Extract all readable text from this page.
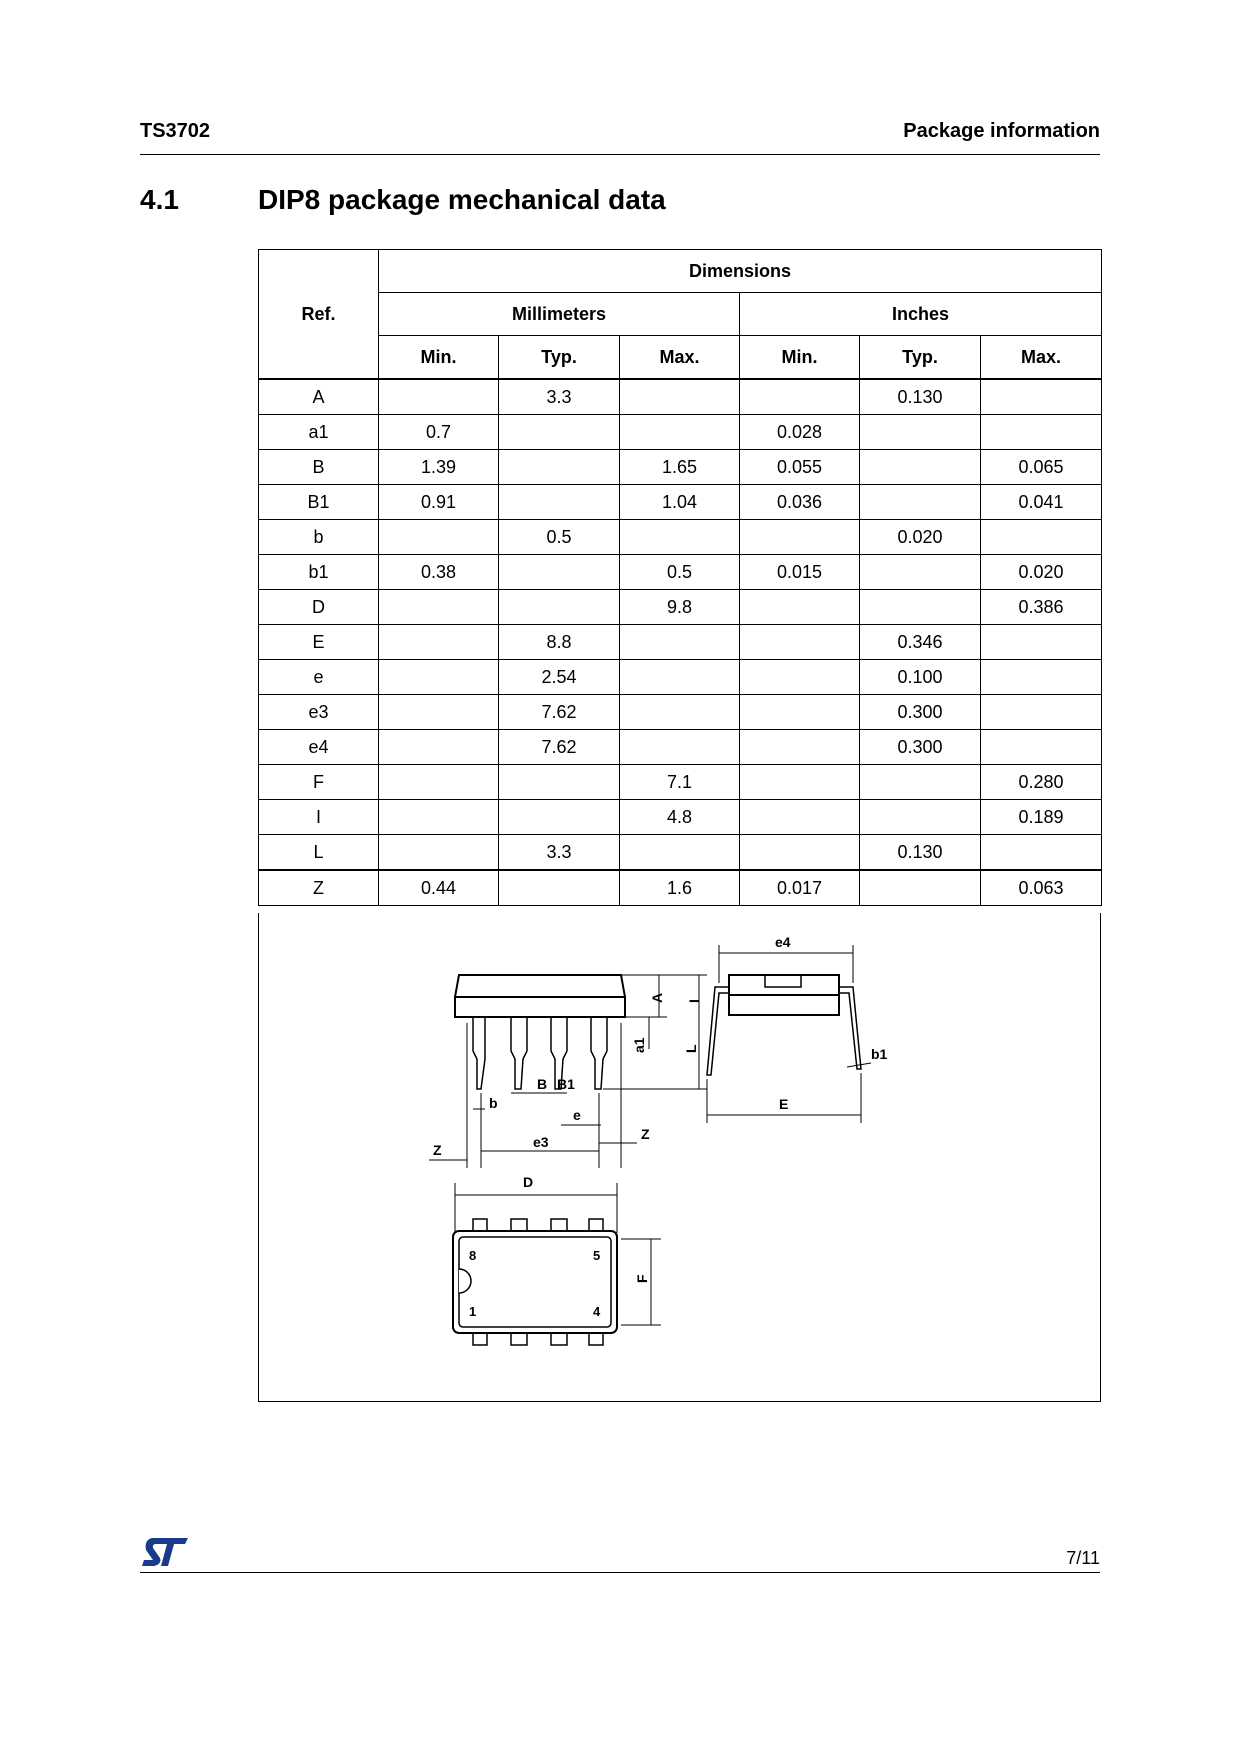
TS3702	Package information
4.1	DIP8 package mechanical data
Ref.	Dimensions					
	Millimeters			Inches		
	Min.	Typ.	Max.	Min.	Typ.	Max.
A		3.3			0.130	
a1	0.7			0.028		
B	1.39		1.65	0.055		0.065
B1	0.91		1.04	0.036		0.041
b		0.5			0.020	
b1	0.38		0.5	0.015		0.020
D			9.8			0.386
E		8.8			0.346	
e		2.54			0.100	
e3		7.62			0.300	
e4		7.62			0.300	
F			7.1			0.280
I			4.8			0.189
L		3.3			0.130	
Z	0.44		1.6	0.017		0.063
A I
a1	L
b
B B1
e
e3
Z
Z
e4
b1
E
D
8	5
1	4
F
ST
7/11
